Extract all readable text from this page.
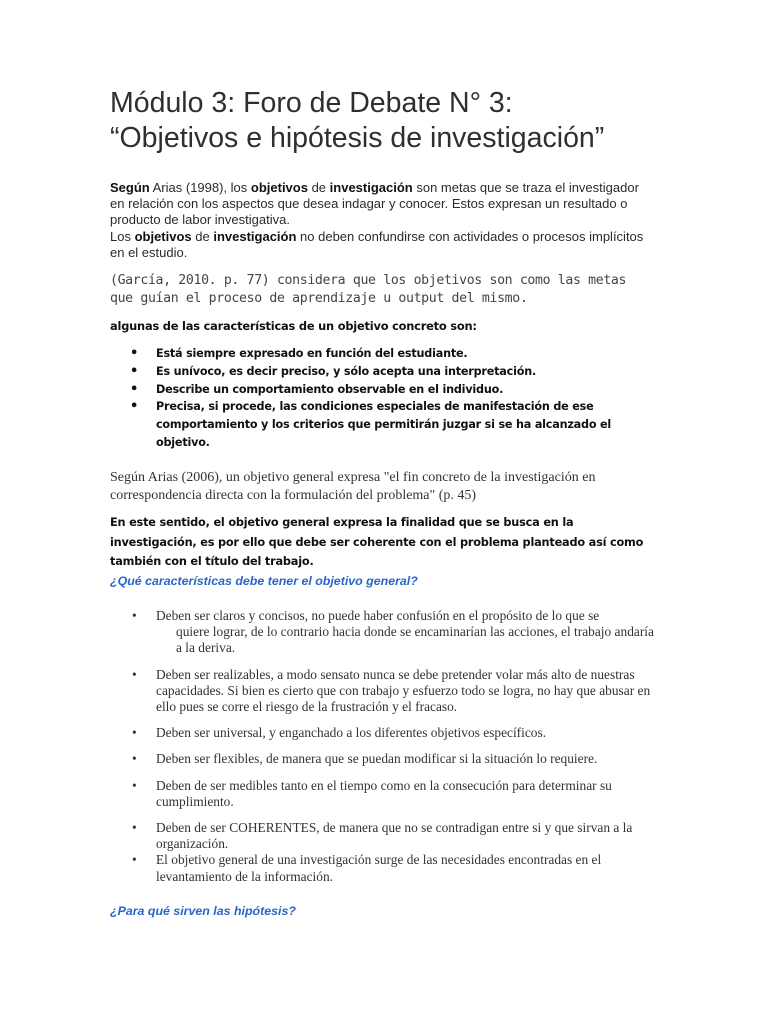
Módulo 3: Foro de Debate N° 3:
“Objetivos e hipótesis de investigación”
Según Arias (1998), los objetivos de investigación son metas que se traza el investigador en relación con los aspectos que desea indagar y conocer. Estos expresan un resultado o producto de labor investigativa.
Los objetivos de investigación no deben confundirse con actividades o procesos implícitos en el estudio.
(García, 2010. p. 77) considera que los objetivos son como las metas que guían el proceso de aprendizaje u output del mismo.
algunas de las características de un objetivo concreto son:
• Está siempre expresado en función del estudiante.
• Es unívoco, es decir preciso, y sólo acepta una interpretación.
• Describe un comportamiento observable en el individuo.
• Precisa, si procede, las condiciones especiales de manifestación de ese comportamiento y los criterios que permitirán juzgar si se ha alcanzado el objetivo.
Según Arias (2006), un objetivo general expresa "el fin concreto de la investigación en correspondencia directa con la formulación del problema" (p. 45)
En este sentido, el objetivo general expresa la finalidad que se busca en la investigación, es por ello que debe ser coherente con el problema planteado así como también con el título del trabajo.
¿Qué características debe tener el objetivo general?
• Deben ser claros y concisos, no puede haber confusión en el propósito de lo que se
quiere lograr, de lo contrario hacia donde se encaminarían las acciones, el trabajo andaría a la deriva.
• Deben ser realizables, a modo sensato nunca se debe pretender volar más alto de nuestras capacidades. Si bien es cierto que con trabajo y esfuerzo todo se logra, no hay que abusar en ello pues se corre el riesgo de la frustración y el fracaso.
• Deben ser universal, y enganchado a los diferentes objetivos específicos.
• Deben ser flexibles, de manera que se puedan modificar si la situación lo requiere.
• Deben de ser medibles tanto en el tiempo como en la consecución para determinar su cumplimiento.
• Deben de ser COHERENTES, de manera que no se contradigan entre si y que sirvan a la organización.
• El objetivo general de una investigación surge de las necesidades encontradas en el levantamiento de la información.
¿Para qué sirven las hipótesis?
